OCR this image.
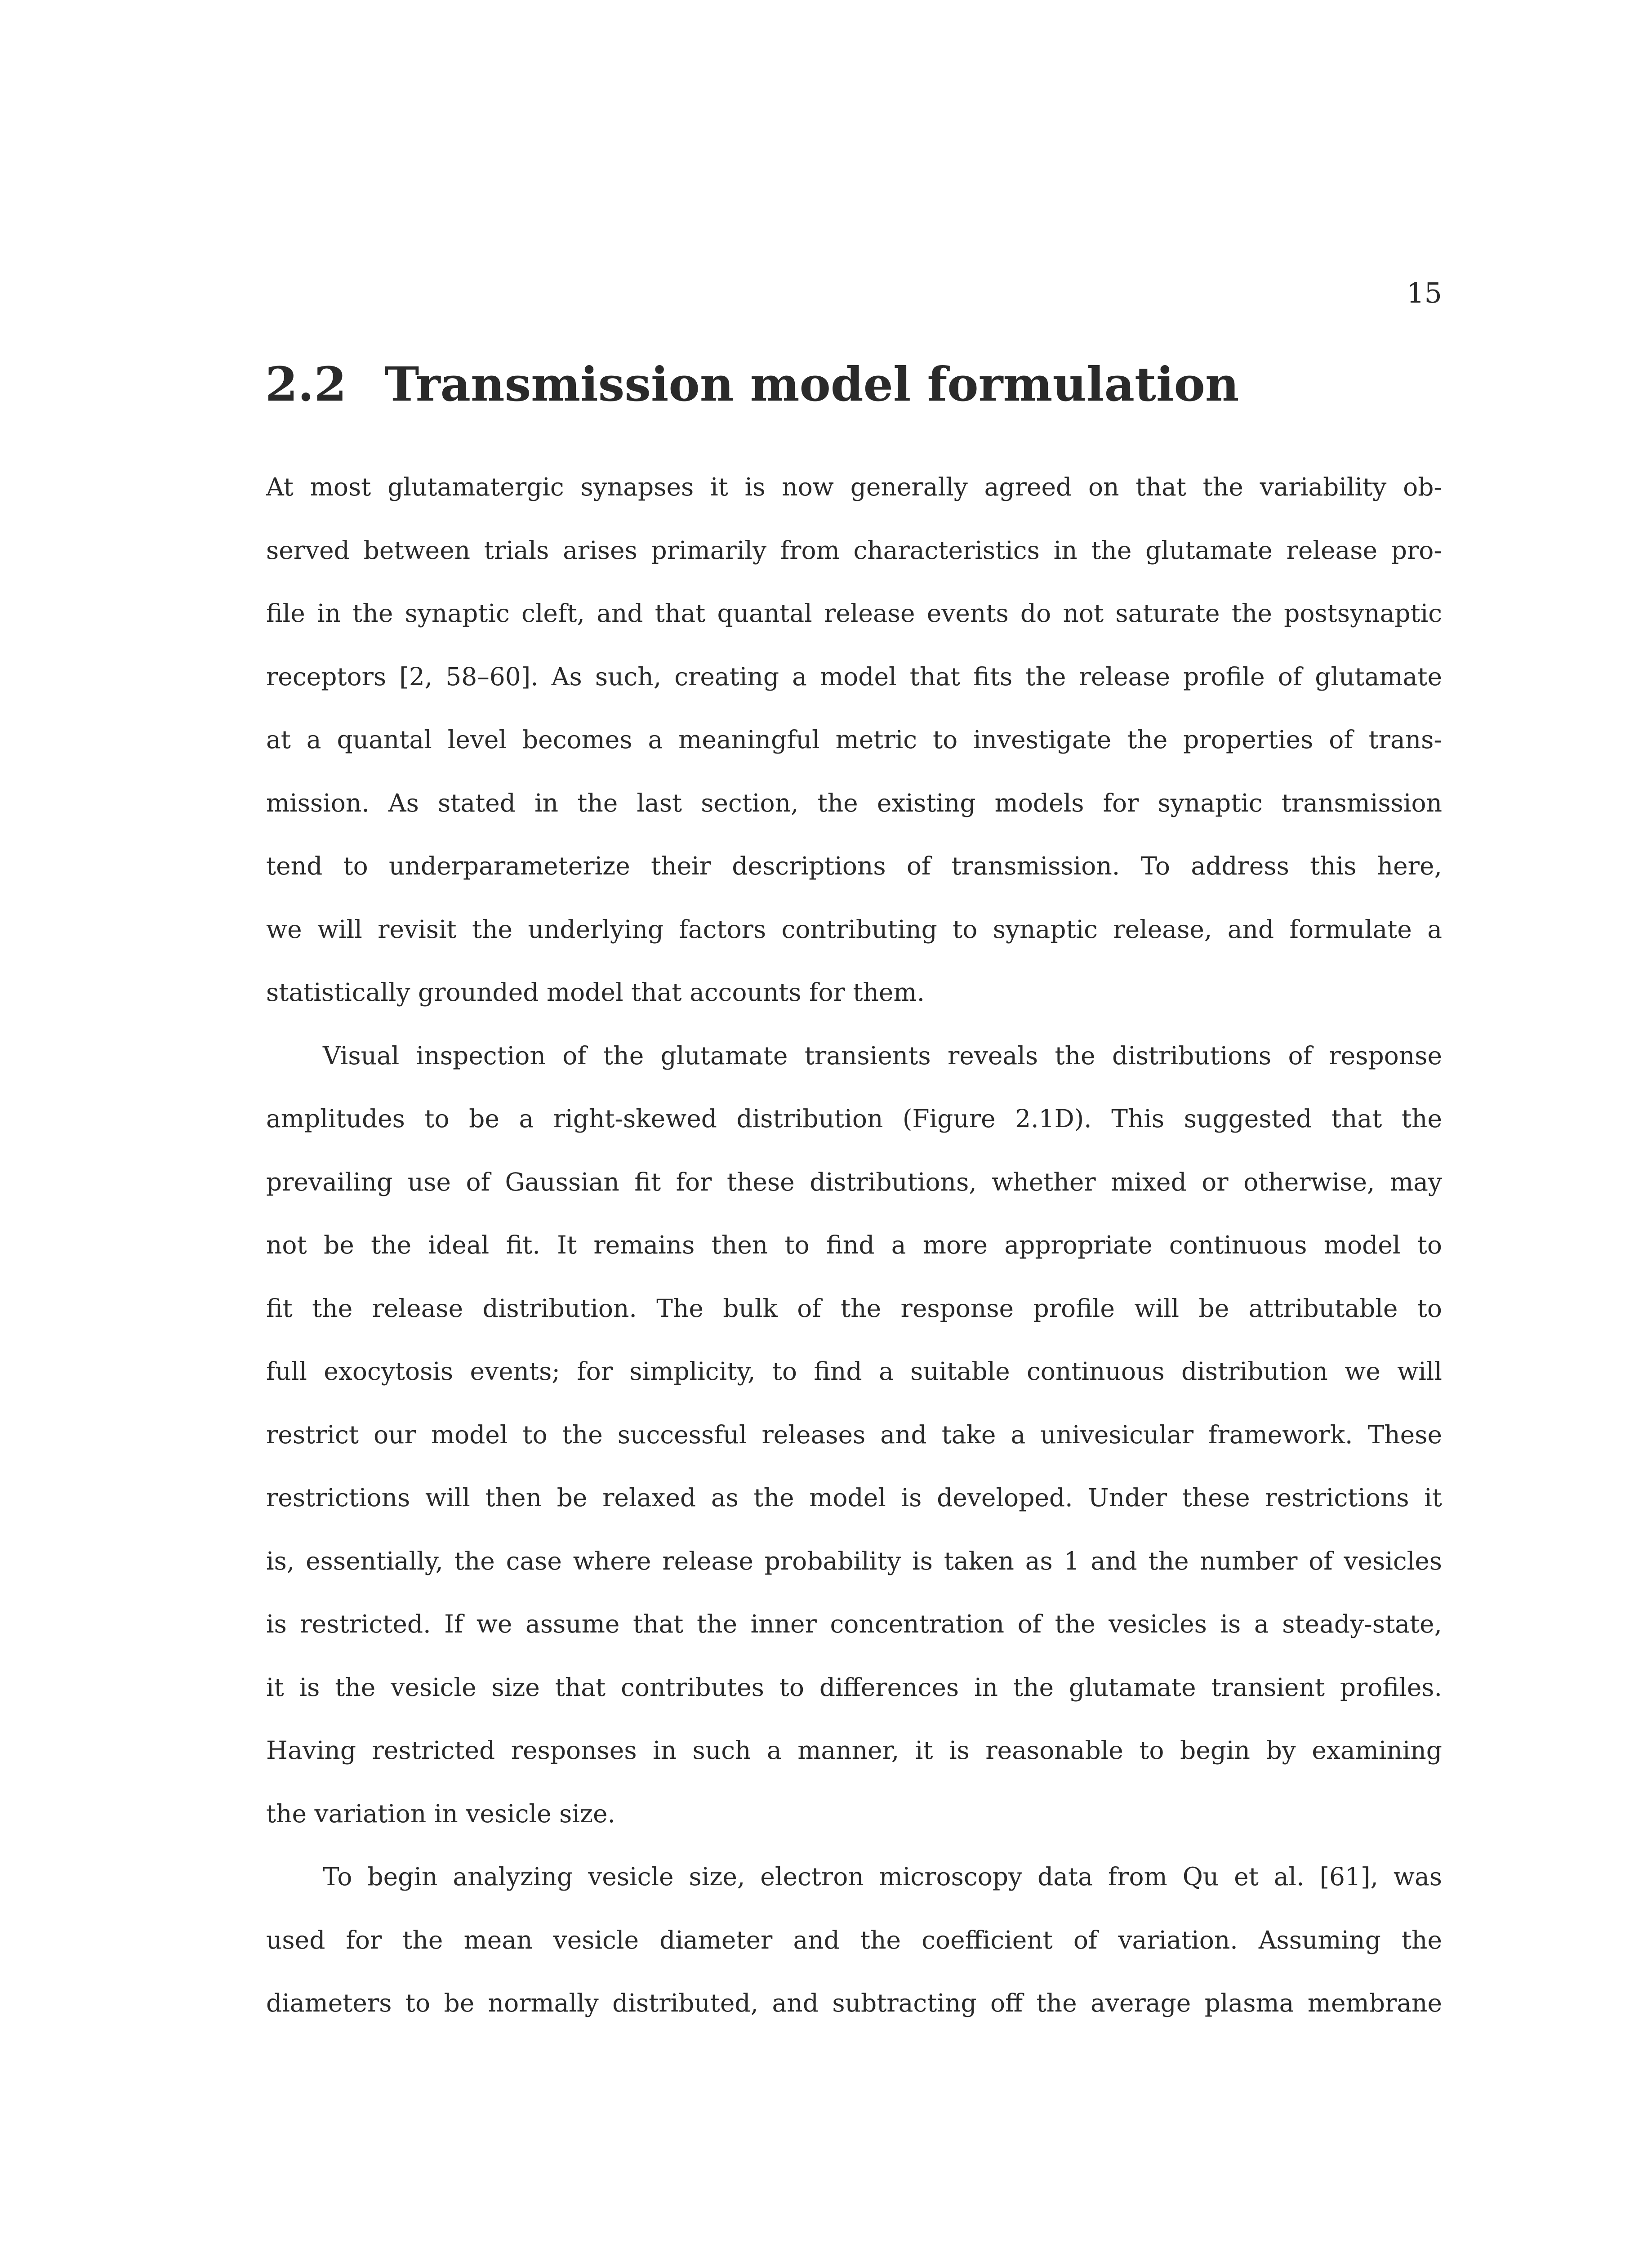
15
2.2 Transmission model formulation

At most glutamatergic synapses it is now generally agreed on that the variability ob-
served between trials arises primarily from characteristics in the glutamate release pro-
file in the synaptic cleft, and that quantal release events do not saturate the postsynaptic
receptors [2, 58–60]. As such, creating a model that fits the release profile of glutamate
at a quantal level becomes a meaningful metric to investigate the properties of trans-
mission. As stated in the last section, the existing models for synaptic transmission
tend to underparameterize their descriptions of transmission. To address this here,
we will revisit the underlying factors contributing to synaptic release, and formulate a
statistically grounded model that accounts for them.

Visual inspection of the glutamate transients reveals the distributions of response
amplitudes to be a right-skewed distribution (Figure 2.1D). This suggested that the
prevailing use of Gaussian fit for these distributions, whether mixed or otherwise, may
not be the ideal fit. It remains then to find a more appropriate continuous model to
fit the release distribution. The bulk of the response profile will be attributable to
full exocytosis events; for simplicity, to find a suitable continuous distribution we will
restrict our model to the successful releases and take a univesicular framework. These
restrictions will then be relaxed as the model is developed. Under these restrictions it
is, essentially, the case where release probability is taken as 1 and the number of vesicles
is restricted. If we assume that the inner concentration of the vesicles is a steady-state,
it is the vesicle size that contributes to differences in the glutamate transient profiles.
Having restricted responses in such a manner, it is reasonable to begin by examining
the variation in vesicle size.

To begin analyzing vesicle size, electron microscopy data from Qu et al. [61], was
used for the mean vesicle diameter and the coefficient of variation. Assuming the
diameters to be normally distributed, and subtracting off the average plasma membrane
